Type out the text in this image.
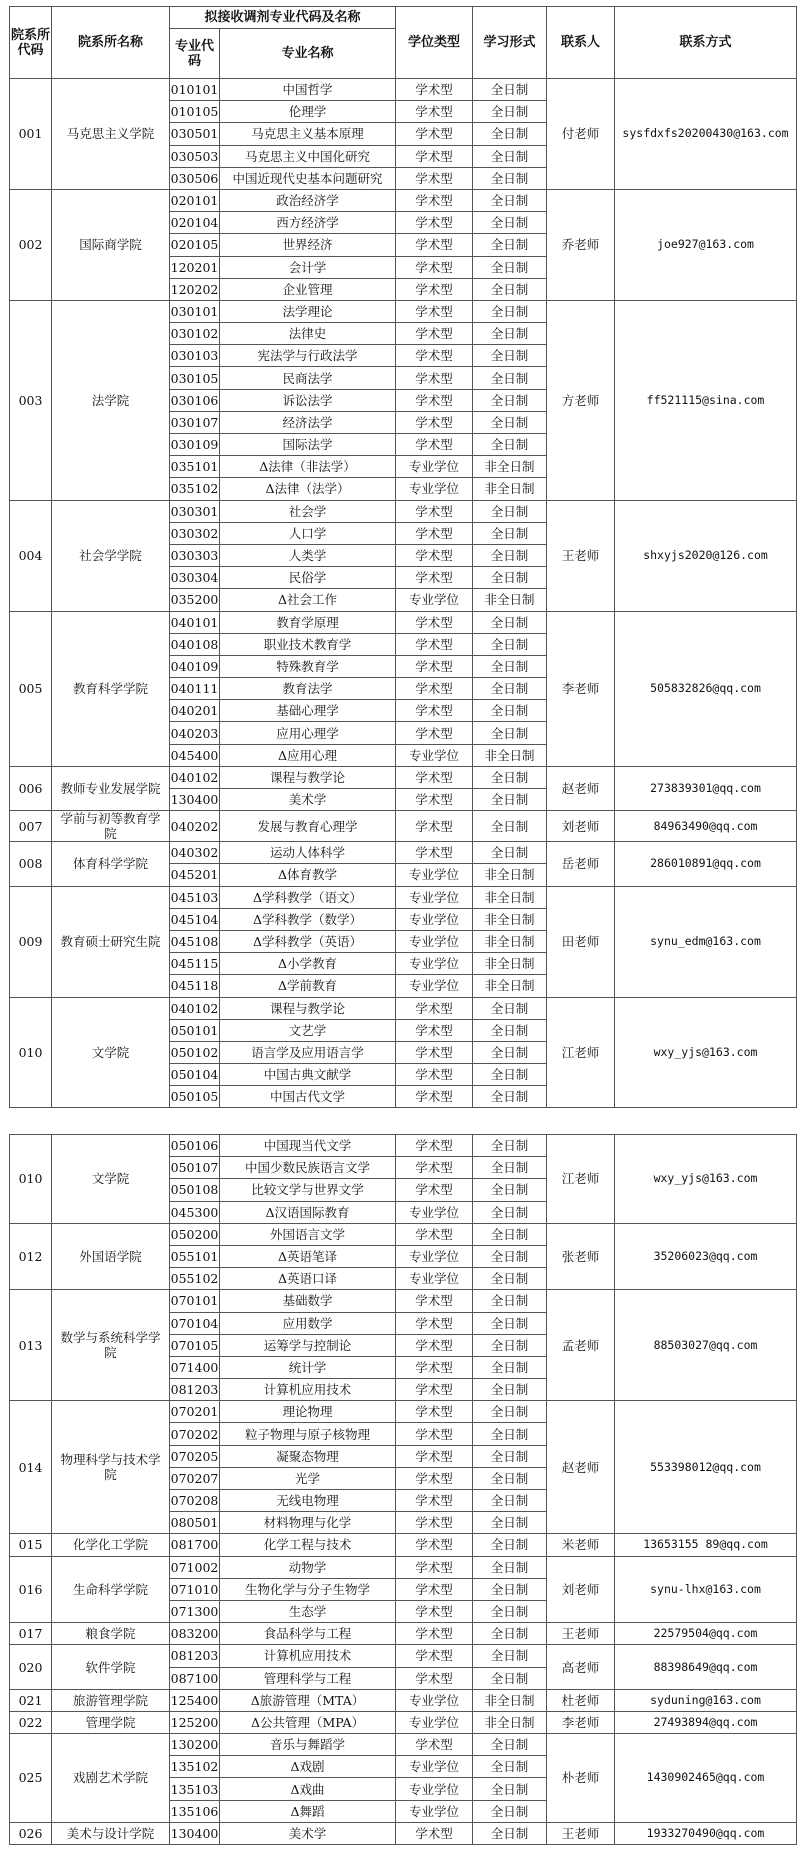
院系所代码	院系所名称	拟接收调剂专业代码及名称		学位类型	学习形式	联系人	联系方式
		专业代码	专业名称				
001	马克思主义学院	010101	中国哲学	学术型	全日制	付老师	sysfdxfs20200430@163.com
		010105	伦理学	学术型	全日制		
		030501	马克思主义基本原理	学术型	全日制		
		030503	马克思主义中国化研究	学术型	全日制		
		030506	中国近现代史基本问题研究	学术型	全日制		
002	国际商学院	020101	政治经济学	学术型	全日制	乔老师	joe927@163.com
		020104	西方经济学	学术型	全日制		
		020105	世界经济	学术型	全日制		
		120201	会计学	学术型	全日制		
		120202	企业管理	学术型	全日制		
003	法学院	030101	法学理论	学术型	全日制	方老师	ff521115@sina.com
		030102	法律史	学术型	全日制		
		030103	宪法学与行政法学	学术型	全日制		
		030105	民商法学	学术型	全日制		
		030106	诉讼法学	学术型	全日制		
		030107	经济法学	学术型	全日制		
		030109	国际法学	学术型	全日制		
		035101	Δ法律（非法学）	专业学位	非全日制		
		035102	Δ法律（法学）	专业学位	非全日制		
004	社会学学院	030301	社会学	学术型	全日制	王老师	shxyjs2020@126.com
		030302	人口学	学术型	全日制		
		030303	人类学	学术型	全日制		
		030304	民俗学	学术型	全日制		
		035200	Δ社会工作	专业学位	非全日制		
005	教育科学学院	040101	教育学原理	学术型	全日制	李老师	505832826@qq.com
		040108	职业技术教育学	学术型	全日制		
		040109	特殊教育学	学术型	全日制		
		040111	教育法学	学术型	全日制		
		040201	基础心理学	学术型	全日制		
		040203	应用心理学	学术型	全日制		
		045400	Δ应用心理	专业学位	非全日制		
006	教师专业发展学院	040102	课程与教学论	学术型	全日制	赵老师	273839301@qq.com
		130400	美术学	学术型	全日制		
007	学前与初等教育学院	040202	发展与教育心理学	学术型	全日制	刘老师	84963490@qq.com
008	体育科学学院	040302	运动人体科学	学术型	全日制	岳老师	286010891@qq.com
		045201	Δ体育教学	专业学位	非全日制		
009	教育硕士研究生院	045103	Δ学科教学（语文）	专业学位	非全日制	田老师	synu_edm@163.com
		045104	Δ学科教学（数学）	专业学位	非全日制		
		045108	Δ学科教学（英语）	专业学位	非全日制		
		045115	Δ小学教育	专业学位	非全日制		
		045118	Δ学前教育	专业学位	非全日制		
010	文学院	040102	课程与教学论	学术型	全日制	江老师	wxy_yjs@163.com
		050101	文艺学	学术型	全日制		
		050102	语言学及应用语言学	学术型	全日制		
		050104	中国古典文献学	学术型	全日制		
		050105	中国古代文学	学术型	全日制		
010	文学院	050106	中国现当代文学	学术型	全日制	江老师	wxy_yjs@163.com
		050107	中国少数民族语言文学	学术型	全日制		
		050108	比较文学与世界文学	学术型	全日制		
		045300	Δ汉语国际教育	专业学位	全日制		
012	外国语学院	050200	外国语言文学	学术型	全日制	张老师	35206023@qq.com
		055101	Δ英语笔译	专业学位	全日制		
		055102	Δ英语口译	专业学位	全日制		
013	数学与系统科学学院	070101	基础数学	学术型	全日制	孟老师	88503027@qq.com
		070104	应用数学	学术型	全日制		
		070105	运筹学与控制论	学术型	全日制		
		071400	统计学	学术型	全日制		
		081203	计算机应用技术	学术型	全日制		
014	物理科学与技术学院	070201	理论物理	学术型	全日制	赵老师	553398012@qq.com
		070202	粒子物理与原子核物理	学术型	全日制		
		070205	凝聚态物理	学术型	全日制		
		070207	光学	学术型	全日制		
		070208	无线电物理	学术型	全日制		
		080501	材料物理与化学	学术型	全日制		
015	化学化工学院	081700	化学工程与技术	学术型	全日制	米老师	13653155 89@qq.com
016	生命科学学院	071002	动物学	学术型	全日制	刘老师	synu-lhx@163.com
		071010	生物化学与分子生物学	学术型	全日制		
		071300	生态学	学术型	全日制		
017	粮食学院	083200	食品科学与工程	学术型	全日制	王老师	22579504@qq.com
020	软件学院	081203	计算机应用技术	学术型	全日制	高老师	88398649@qq.com
		087100	管理科学与工程	学术型	全日制		
021	旅游管理学院	125400	Δ旅游管理（MTA）	专业学位	非全日制	杜老师	syduning@163.com
022	管理学院	125200	Δ公共管理（MPA）	专业学位	非全日制	李老师	27493894@qq.com
025	戏剧艺术学院	130200	音乐与舞蹈学	学术型	全日制	朴老师	1430902465@qq.com
		135102	Δ戏剧	专业学位	全日制		
		135103	Δ戏曲	专业学位	全日制		
		135106	Δ舞蹈	专业学位	全日制		
026	美术与设计学院	130400	美术学	学术型	全日制	王老师	1933270490@qq.com
